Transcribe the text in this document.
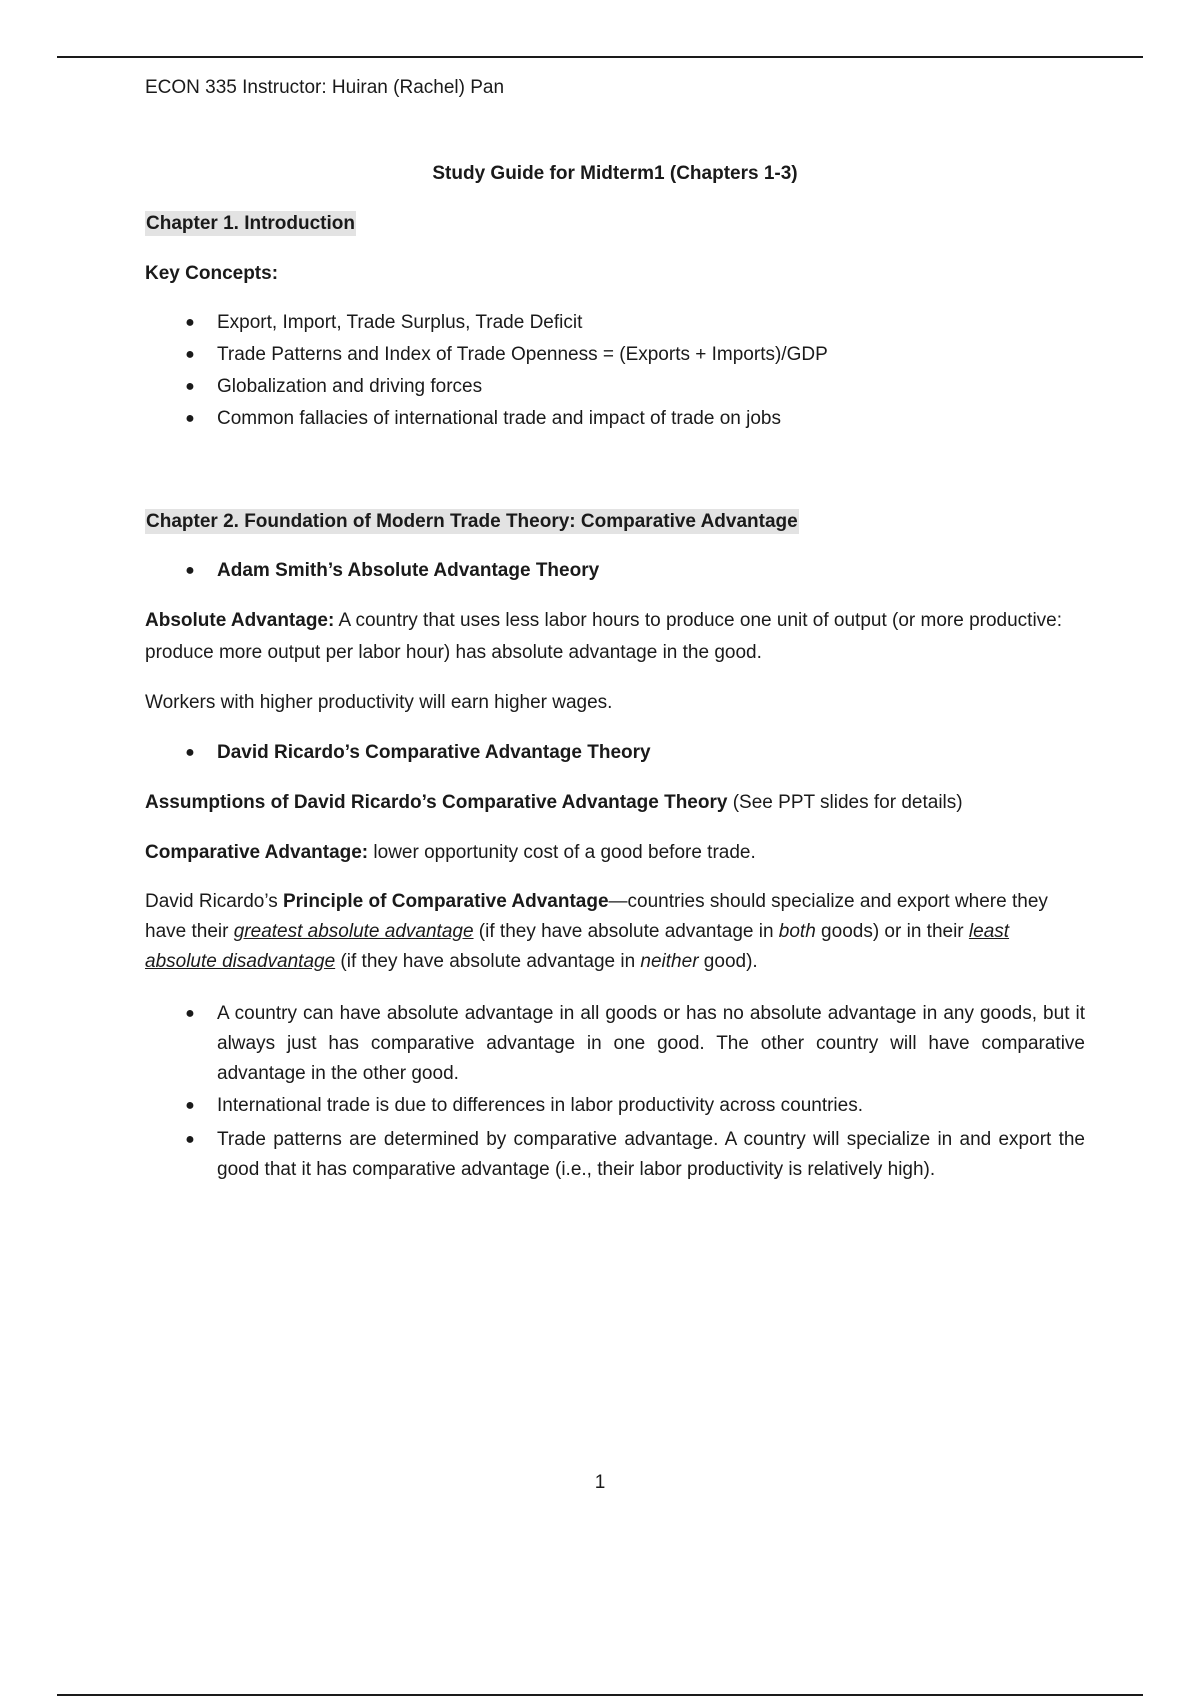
ECON 335 Instructor: Huiran (Rachel) Pan

Study Guide for Midterm1 (Chapters 1-3)

Chapter 1. Introduction

Key Concepts:

● Export, Import, Trade Surplus, Trade Deficit
● Trade Patterns and Index of Trade Openness = (Exports + Imports)/GDP
● Globalization and driving forces
● Common fallacies of international trade and impact of trade on jobs

Chapter 2. Foundation of Modern Trade Theory: Comparative Advantage

● Adam Smith’s Absolute Advantage Theory

Absolute Advantage: A country that uses less labor hours to produce one unit of output (or more productive: produce more output per labor hour) has absolute advantage in the good.

Workers with higher productivity will earn higher wages.

● David Ricardo’s Comparative Advantage Theory

Assumptions of David Ricardo’s Comparative Advantage Theory (See PPT slides for details)

Comparative Advantage: lower opportunity cost of a good before trade.

David Ricardo’s Principle of Comparative Advantage—countries should specialize and export where they have their greatest absolute advantage (if they have absolute advantage in both goods) or in their least absolute disadvantage (if they have absolute advantage in neither good).

● A country can have absolute advantage in all goods or has no absolute advantage in any goods, but it always just has comparative advantage in one good. The other country will have comparative advantage in the other good.
● International trade is due to differences in labor productivity across countries.
● Trade patterns are determined by comparative advantage. A country will specialize in and export the good that it has comparative advantage (i.e., their labor productivity is relatively high).
1
